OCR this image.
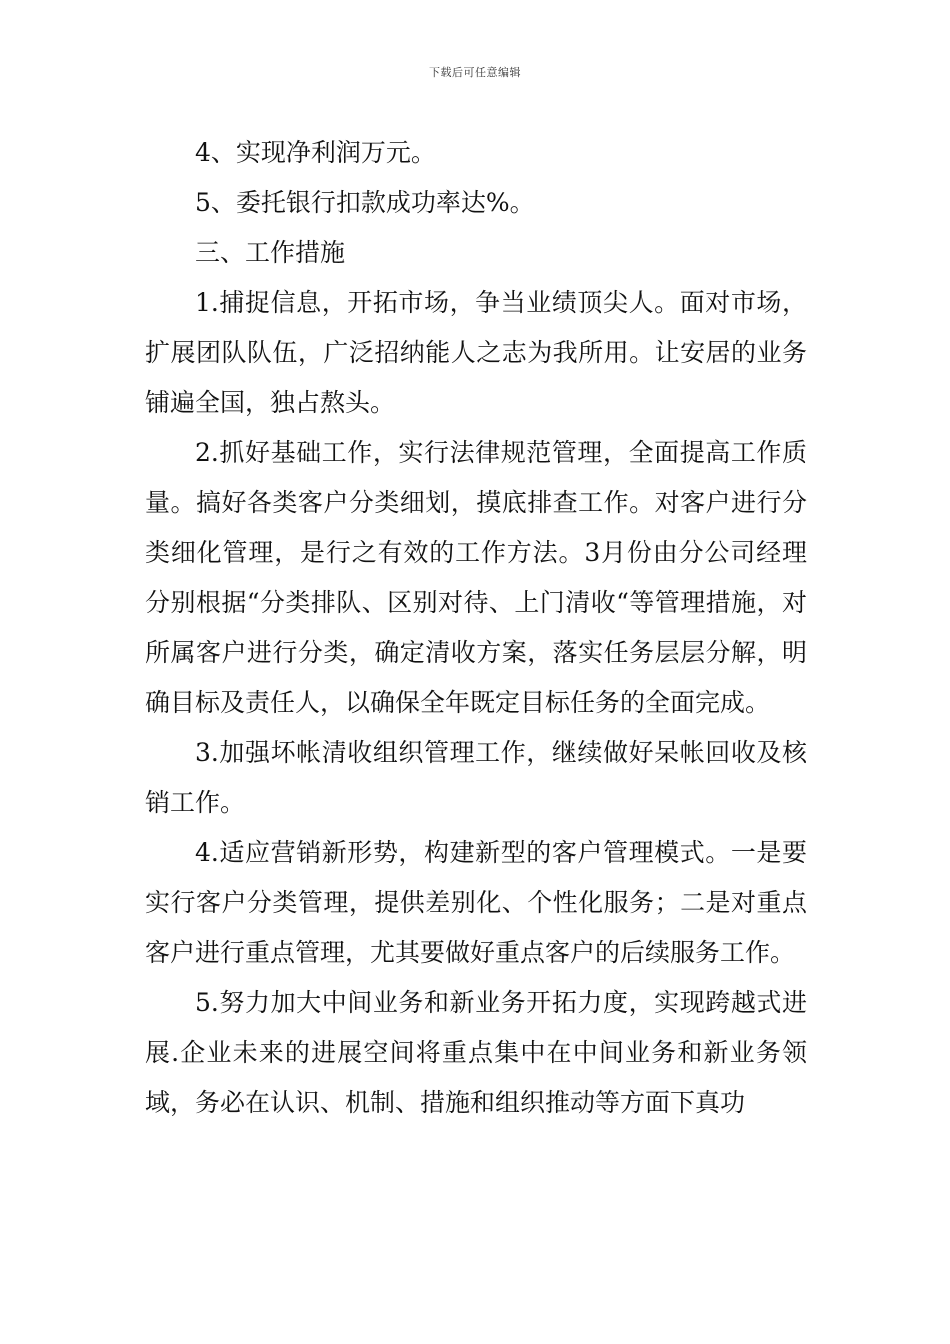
下载后可任意编辑

4、实现净利润万元。

5、委托银行扣款成功率达%。

三、工作措施

1.捕捉信息，开拓市场，争当业绩顶尖人。面对市场，扩展团队队伍，广泛招纳能人之志为我所用。让安居的业务铺遍全国，独占熬头。

2.抓好基础工作，实行法律规范管理，全面提高工作质量。搞好各类客户分类细划，摸底排查工作。对客户进行分类细化管理，是行之有效的工作方法。3月份由分公司经理分别根据“分类排队、区别对待、上门清收“等管理措施，对所属客户进行分类，确定清收方案，落实任务层层分解，明确目标及责任人，以确保全年既定目标任务的全面完成。

3.加强坏帐清收组织管理工作，继续做好呆帐回收及核销工作。

4.适应营销新形势，构建新型的客户管理模式。一是要实行客户分类管理，提供差别化、个性化服务；二是对重点客户进行重点管理，尤其要做好重点客户的后续服务工作。

5.努力加大中间业务和新业务开拓力度，实现跨越式进展.企业未来的进展空间将重点集中在中间业务和新业务领域，务必在认识、机制、措施和组织推动等方面下真功
